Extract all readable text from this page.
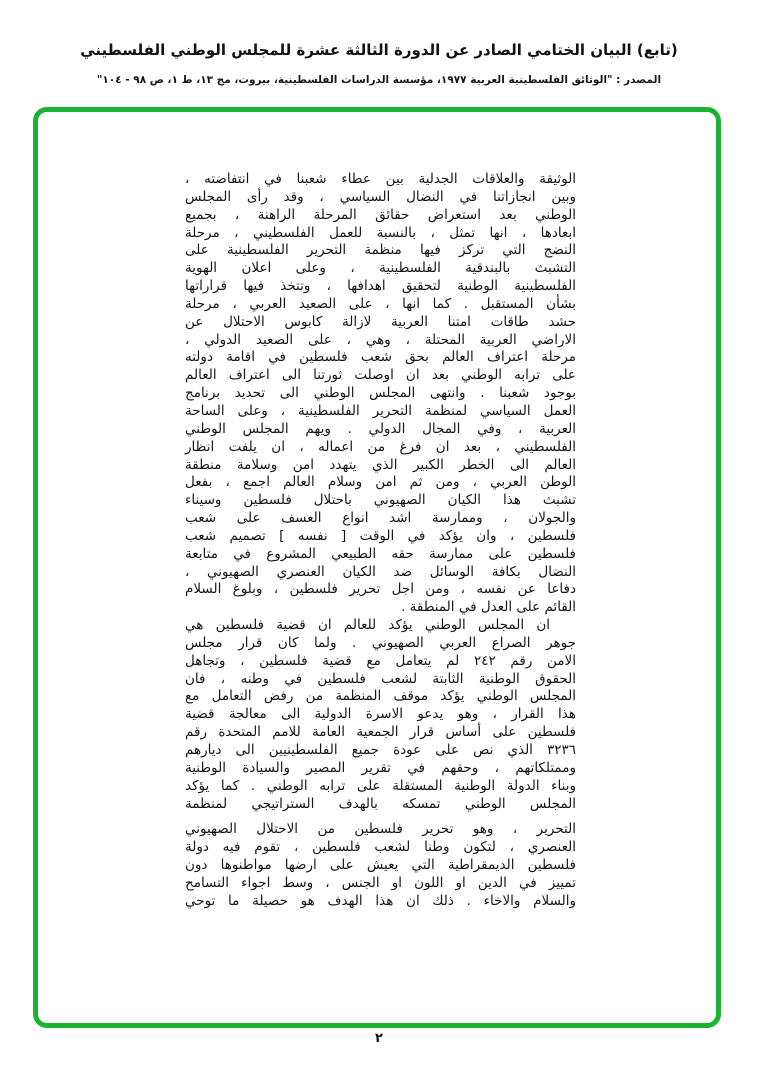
(تابع) البيان الختامي الصادر عن الدورة الثالثة عشرة للمجلس الوطني الفلسطيني
المصدر : "الوثائق الفلسطينية العربية ١٩٧٧، مؤسسة الدراسات الفلسطينية، بيروت، مج ١٣، ط ١، ص ٩٨ - ١٠٤"
الوثيقة والعلاقات الجدلية بين عطاء شعبنا في انتفاضته ،
وبين انجازاتنا في النضال السياسي ، وقد رأى المجلس
الوطني بعد استعراض حقائق المرحلة الراهنة ، بجميع
ابعادها ، انها تمثل ، بالنسبة للعمل الفلسطيني ، مرحلة
النضج التي تركز فيها منظمة التحرير الفلسطينية على
التشبث بالبندقية الفلسطينية ، وعلى اعلان الهوية
الفلسطينية الوطنية لتحقيق اهدافها ، وتتخذ فيها قراراتها
بشأن المستقبل . كما انها ، على الصعيد العربي ، مرحلة
حشد طاقات امتنا العربية لازالة كابوس الاحتلال عن
الاراضي العربية المحتلة ، وهي ، على الصعيد الدولي ،
مرحلة اعتراف العالم بحق شعب فلسطين في اقامة دولته
على ترابه الوطني بعد ان اوصلت ثورتنا الى اعتراف العالم
بوجود شعبنا . وانتهى المجلس الوطني الى تحديد برنامج
العمل السياسي لمنظمة التحرير الفلسطينية ، وعلى الساحة
العربية ، وفي المجال الدولي . ويهم المجلس الوطني
الفلسطيني ، بعد ان فرغ من اعماله ، ان يلفت انظار
العالم الى الخطر الكبير الذي يتهدد امن وسلامة منطقة
الوطن العربي ، ومن ثم امن وسلام العالم اجمع ، بفعل
تشبث هذا الكيان الصهيوني باحتلال فلسطين وسيناء
والجولان ، وممارسة اشد انواع العسف على شعب
فلسطين ، وان يؤكد في الوقت [ نفسه ] تصميم شعب
فلسطين على ممارسة حقه الطبيعي المشروع في متابعة
النضال بكافة الوسائل ضد الكيان العنصري الصهيوني ،
دفاعا عن نفسه ، ومن اجل تحرير فلسطين ، وبلوغ السلام
القائم على العدل في المنطقة .
ان المجلس الوطني يؤكد للعالم ان قضية فلسطين هي
جوهر الصراع العربي الصهيوني . ولما كان قرار مجلس
الامن رقم ٢٤٢ لم يتعامل مع قضية فلسطين ، وتجاهل
الحقوق الوطنية الثابتة لشعب فلسطين في وطنه ، فان
المجلس الوطني يؤكد موقف المنظمة من رفض التعامل مع
هذا القرار ، وهو يدعو الاسرة الدولية الى معالجة قضية
فلسطين على أساس قرار الجمعية العامة للامم المتحدة رقم
٣٢٣٦ الذي نص على عودة جميع الفلسطينيين الى ديارهم
وممتلكاتهم ، وحقهم في تقرير المصير والسيادة الوطنية
وبناء الدولة الوطنية المستقلة على ترابه الوطني . كما يؤكد
المجلس الوطني تمسكه بالهدف الستراتيجي لمنظمة
التحرير ، وهو تحرير فلسطين من الاحتلال الصهيوني
العنصري ، لتكون وطنا لشعب فلسطين ، تقوم فيه دولة
فلسطين الديمقراطية التي يعيش على ارضها مواطنوها دون
تمييز في الدين او اللون او الجنس ، وسط اجواء التسامح
والسلام والاخاء . ذلك ان هذا الهدف هو حصيلة ما توحي
٢
